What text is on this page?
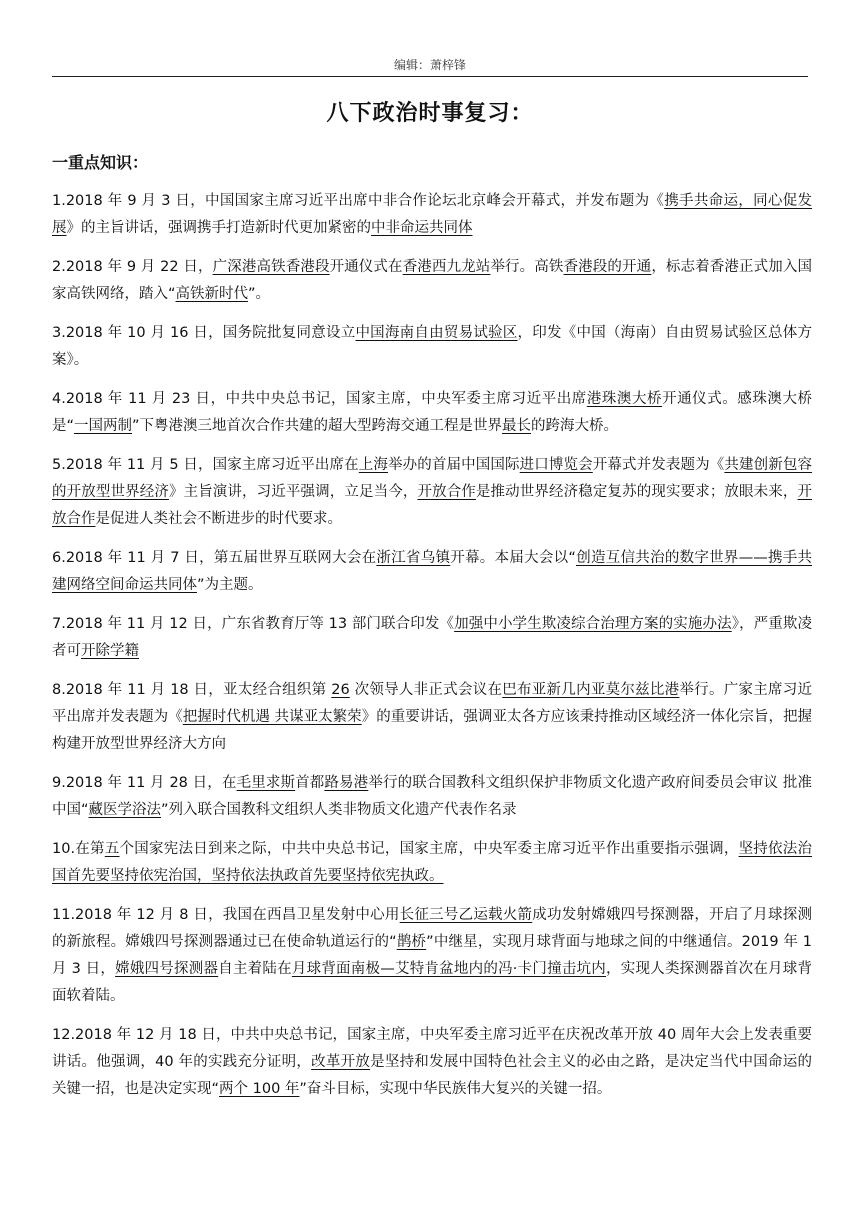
编辑：萧梓锋
八下政治时事复习：
一重点知识：
1.2018 年 9 月 3 日，中国国家主席习近平出席中非合作论坛北京峰会开幕式，并发布题为《携手共命运，同心促发展》的主旨讲话，强调携手打造新时代更加紧密的中非命运共同体
2.2018 年 9 月 22 日，广深港高铁香港段开通仪式在香港西九龙站举行。高铁香港段的开通，标志着香港正式加入国家高铁网络，踏入“高铁新时代”。
3.2018 年 10 月 16 日，国务院批复同意设立中国海南自由贸易试验区，印发《中国（海南）自由贸易试验区总体方案》。
4.2018 年 11 月 23 日，中共中央总书记，国家主席，中央军委主席习近平出席港珠澳大桥开通仪式。感珠澳大桥是“一国两制”下粤港澳三地首次合作共建的超大型跨海交通工程是世界最长的跨海大桥。
5.2018 年 11 月 5 日，国家主席习近平出席在上海举办的首届中国国际进口博览会开幕式并发表题为《共建创新包容的开放型世界经济》主旨演讲，习近平强调，立足当今，开放合作是推动世界经济稳定复苏的现实要求；放眼未来，开放合作是促进人类社会不断进步的时代要求。
6.2018 年 11 月 7 日，第五届世界互联网大会在浙江省乌镇开幕。本届大会以“创造互信共治的数字世界——携手共建网络空间命运共同体”为主题。
7.2018 年 11 月 12 日，广东省教育厅等 13 部门联合印发《加强中小学生欺凌综合治理方案的实施办法》，严重欺凌者可开除学籍
8.2018 年 11 月 18 日，亚太经合组织第 26 次领导人非正式会议在巴布亚新几内亚莫尔兹比港举行。广家主席习近平出席并发表题为《把握时代机遇 共谋亚太繁荣》的重要讲话，强调亚太各方应该秉持推动区域经济一体化宗旨，把握构建开放型世界经济大方向
9.2018 年 11 月 28 日，在毛里求斯首都路易港举行的联合国教科文组织保护非物质文化遗产政府间委员会审议 批准中国“藏医学浴法”列入联合国教科文组织人类非物质文化遗产代表作名录
10.在第五个国家宪法日到来之际，中共中央总书记，国家主席，中央军委主席习近平作出重要指示强调，坚持依法治国首先要坚持依宪治国，坚持依法执政首先要坚持依宪执政。
11.2018 年 12 月 8 日，我国在西昌卫星发射中心用长征三号乙运载火箭成功发射嫦娥四号探测器，开启了月球探测的新旅程。嫦娥四号探测器通过已在使命轨道运行的“鹊桥”中继星，实现月球背面与地球之间的中继通信。2019 年 1 月 3 日，嫦娥四号探测器自主着陆在月球背面南极—艾特肯盆地内的冯·卡门撞击坑内，实现人类探测器首次在月球背面软着陆。
12.2018 年 12 月 18 日，中共中央总书记，国家主席，中央军委主席习近平在庆祝改革开放 40 周年大会上发表重要讲话。他强调，40 年的实践充分证明，改革开放是坚持和发展中国特色社会主义的必由之路，是决定当代中国命运的关键一招，也是决定实现“两个 100 年”奋斗目标，实现中华民族伟大复兴的关键一招。
